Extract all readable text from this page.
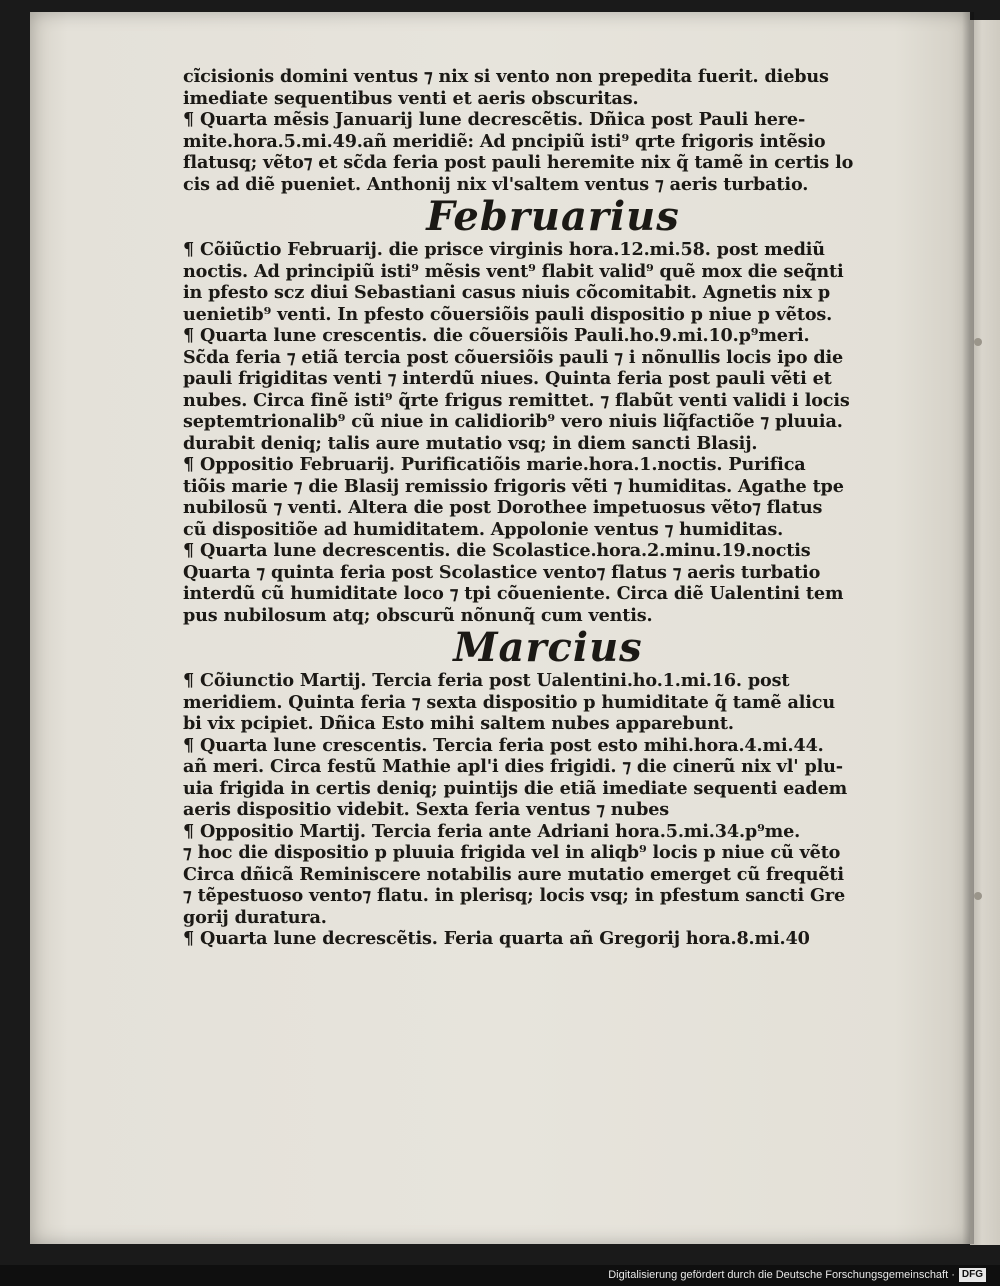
cĩcisionis domini ventus ⁊ nix si vento non prepedita fuerit. diebus
imediate sequentibus venti et aeris obscuritas.
¶ Quarta mẽsis Januarij lune decrescẽtis. Dñica post Pauli here-
mite.hora.5.mi.49.añ meridiẽ: Ad pncipiũ isti⁹ qrte frigoris intẽsio
flatusq; vẽto⁊ et sc̃da feria post pauli heremite nix q̃ tamẽ in certis lo
cis ad diẽ pueniet. Anthonij nix vl'saltem ventus ⁊ aeris turbatio.
Februarius
¶ Cõiũctio Februarij. die prisce virginis hora.12.mi.58. post mediũ
noctis. Ad principiũ isti⁹ mẽsis vent⁹ flabit valid⁹ quẽ mox die seq̃nti
in pfesto scz diui Sebastiani casus niuis cõcomitabit. Agnetis nix p
uenietib⁹ venti. In pfesto cõuersiõis pauli dispositio p niue p vẽtos.
¶ Quarta lune crescentis. die cõuersiõis Pauli.ho.9.mi.10.p⁹meri.
Sc̃da feria ⁊ etiã tercia post cõuersiõis pauli ⁊ i nõnullis locis ipo die
pauli frigiditas venti ⁊ interdũ niues. Quinta feria post pauli vẽti et
nubes. Circa finẽ isti⁹ q̃rte frigus remittet. ⁊ flabũt venti validi i locis
septemtrionalib⁹ cũ niue in calidiorib⁹ vero niuis liq̃factiõe ⁊ pluuia.
durabit deniq; talis aure mutatio vsq; in diem sancti Blasij.
¶ Oppositio Februarij. Purificatiõis marie.hora.1.noctis. Purifica
tiõis marie ⁊ die Blasij remissio frigoris vẽti ⁊ humiditas. Agathe tpe
nubilosũ ⁊ venti. Altera die post Dorothee impetuosus vẽto⁊ flatus
cũ dispositiõe ad humiditatem. Appolonie ventus ⁊ humiditas.
¶ Quarta lune decrescentis. die Scolastice.hora.2.minu.19.noctis
Quarta ⁊ quinta feria post Scolastice vento⁊ flatus ⁊ aeris turbatio
interdũ cũ humiditate loco ⁊ tpi cõueniente. Circa diẽ Ualentini tem
pus nubilosum atq; obscurũ nõnunq̃ cum ventis.
Marcius
¶ Cõiunctio Martij. Tercia feria post Ualentini.ho.1.mi.16. post
meridiem. Quinta feria ⁊ sexta dispositio p humiditate q̃ tamẽ alicu
bi vix pcipiet. Dñica Esto mihi saltem nubes apparebunt.
¶ Quarta lune crescentis. Tercia feria post esto mihi.hora.4.mi.44.
añ meri. Circa festũ Mathie apl'i dies frigidi. ⁊ die cinerũ nix vl' plu-
uia frigida in certis deniq; puintijs die etiã imediate sequenti eadem
aeris dispositio videbit. Sexta feria ventus ⁊ nubes
¶ Oppositio Martij. Tercia feria ante Adriani hora.5.mi.34.p⁹me.
⁊ hoc die dispositio p pluuia frigida vel in aliqb⁹ locis p niue cũ vẽto
Circa dñicã Reminiscere notabilis aure mutatio emerget cũ frequẽti
⁊ tẽpestuoso vento⁊ flatu. in plerisq; locis vsq; in pfestum sancti Gre
gorij duratura.
¶ Quarta lune decrescẽtis. Feria quarta añ Gregorij hora.8.mi.40
Digitalisierung gefördert durch die Deutsche Forschungsgemeinschaft · DFG
